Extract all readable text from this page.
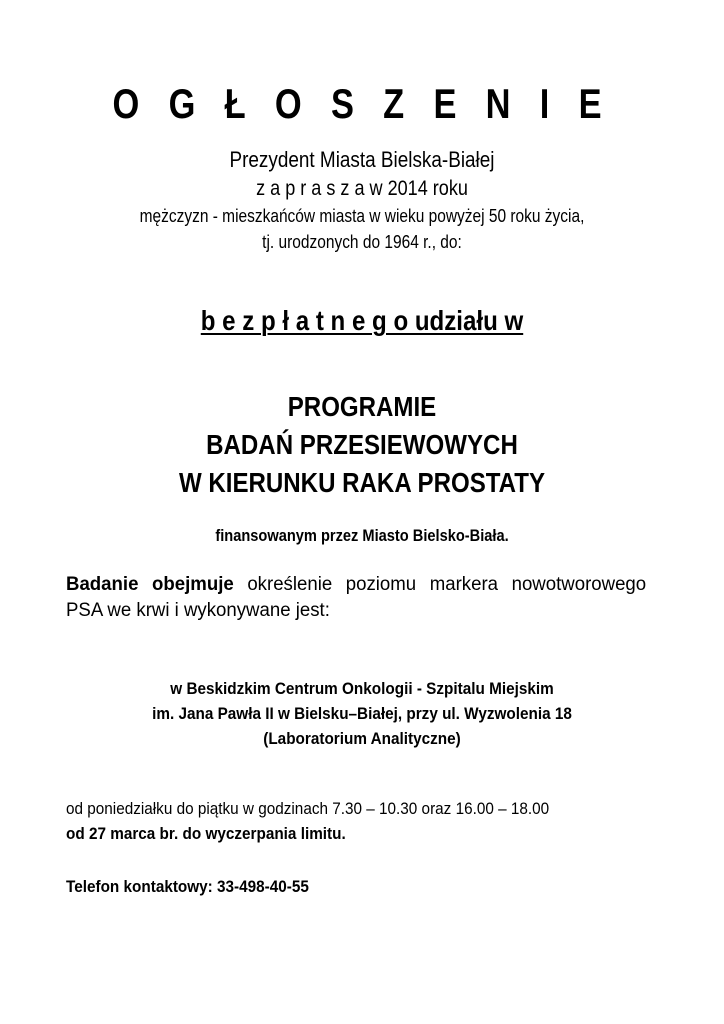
O G Ł O S Z E N I E
Prezydent Miasta Bielska-Białej
z a p r a s z a w 2014 roku
mężczyzn - mieszkańców miasta w wieku powyżej 50 roku życia,
tj. urodzonych do 1964 r., do:
b e z p ł a t n e g o udziału w
PROGRAMIE
BADAŃ PRZESIEWOWYCH
W KIERUNKU RAKA PROSTATY
finansowanym przez Miasto Bielsko-Biała.
Badanie obejmuje określenie poziomu markera nowotworowego PSA we krwi i wykonywane jest:
w Beskidzkim Centrum Onkologii - Szpitalu Miejskim
im. Jana Pawła II w Bielsku–Białej, przy ul. Wyzwolenia 18
(Laboratorium Analityczne)
od poniedziałku do piątku w godzinach 7.30 – 10.30 oraz 16.00 – 18.00
od 27 marca br. do wyczerpania limitu.
Telefon kontaktowy: 33-498-40-55
